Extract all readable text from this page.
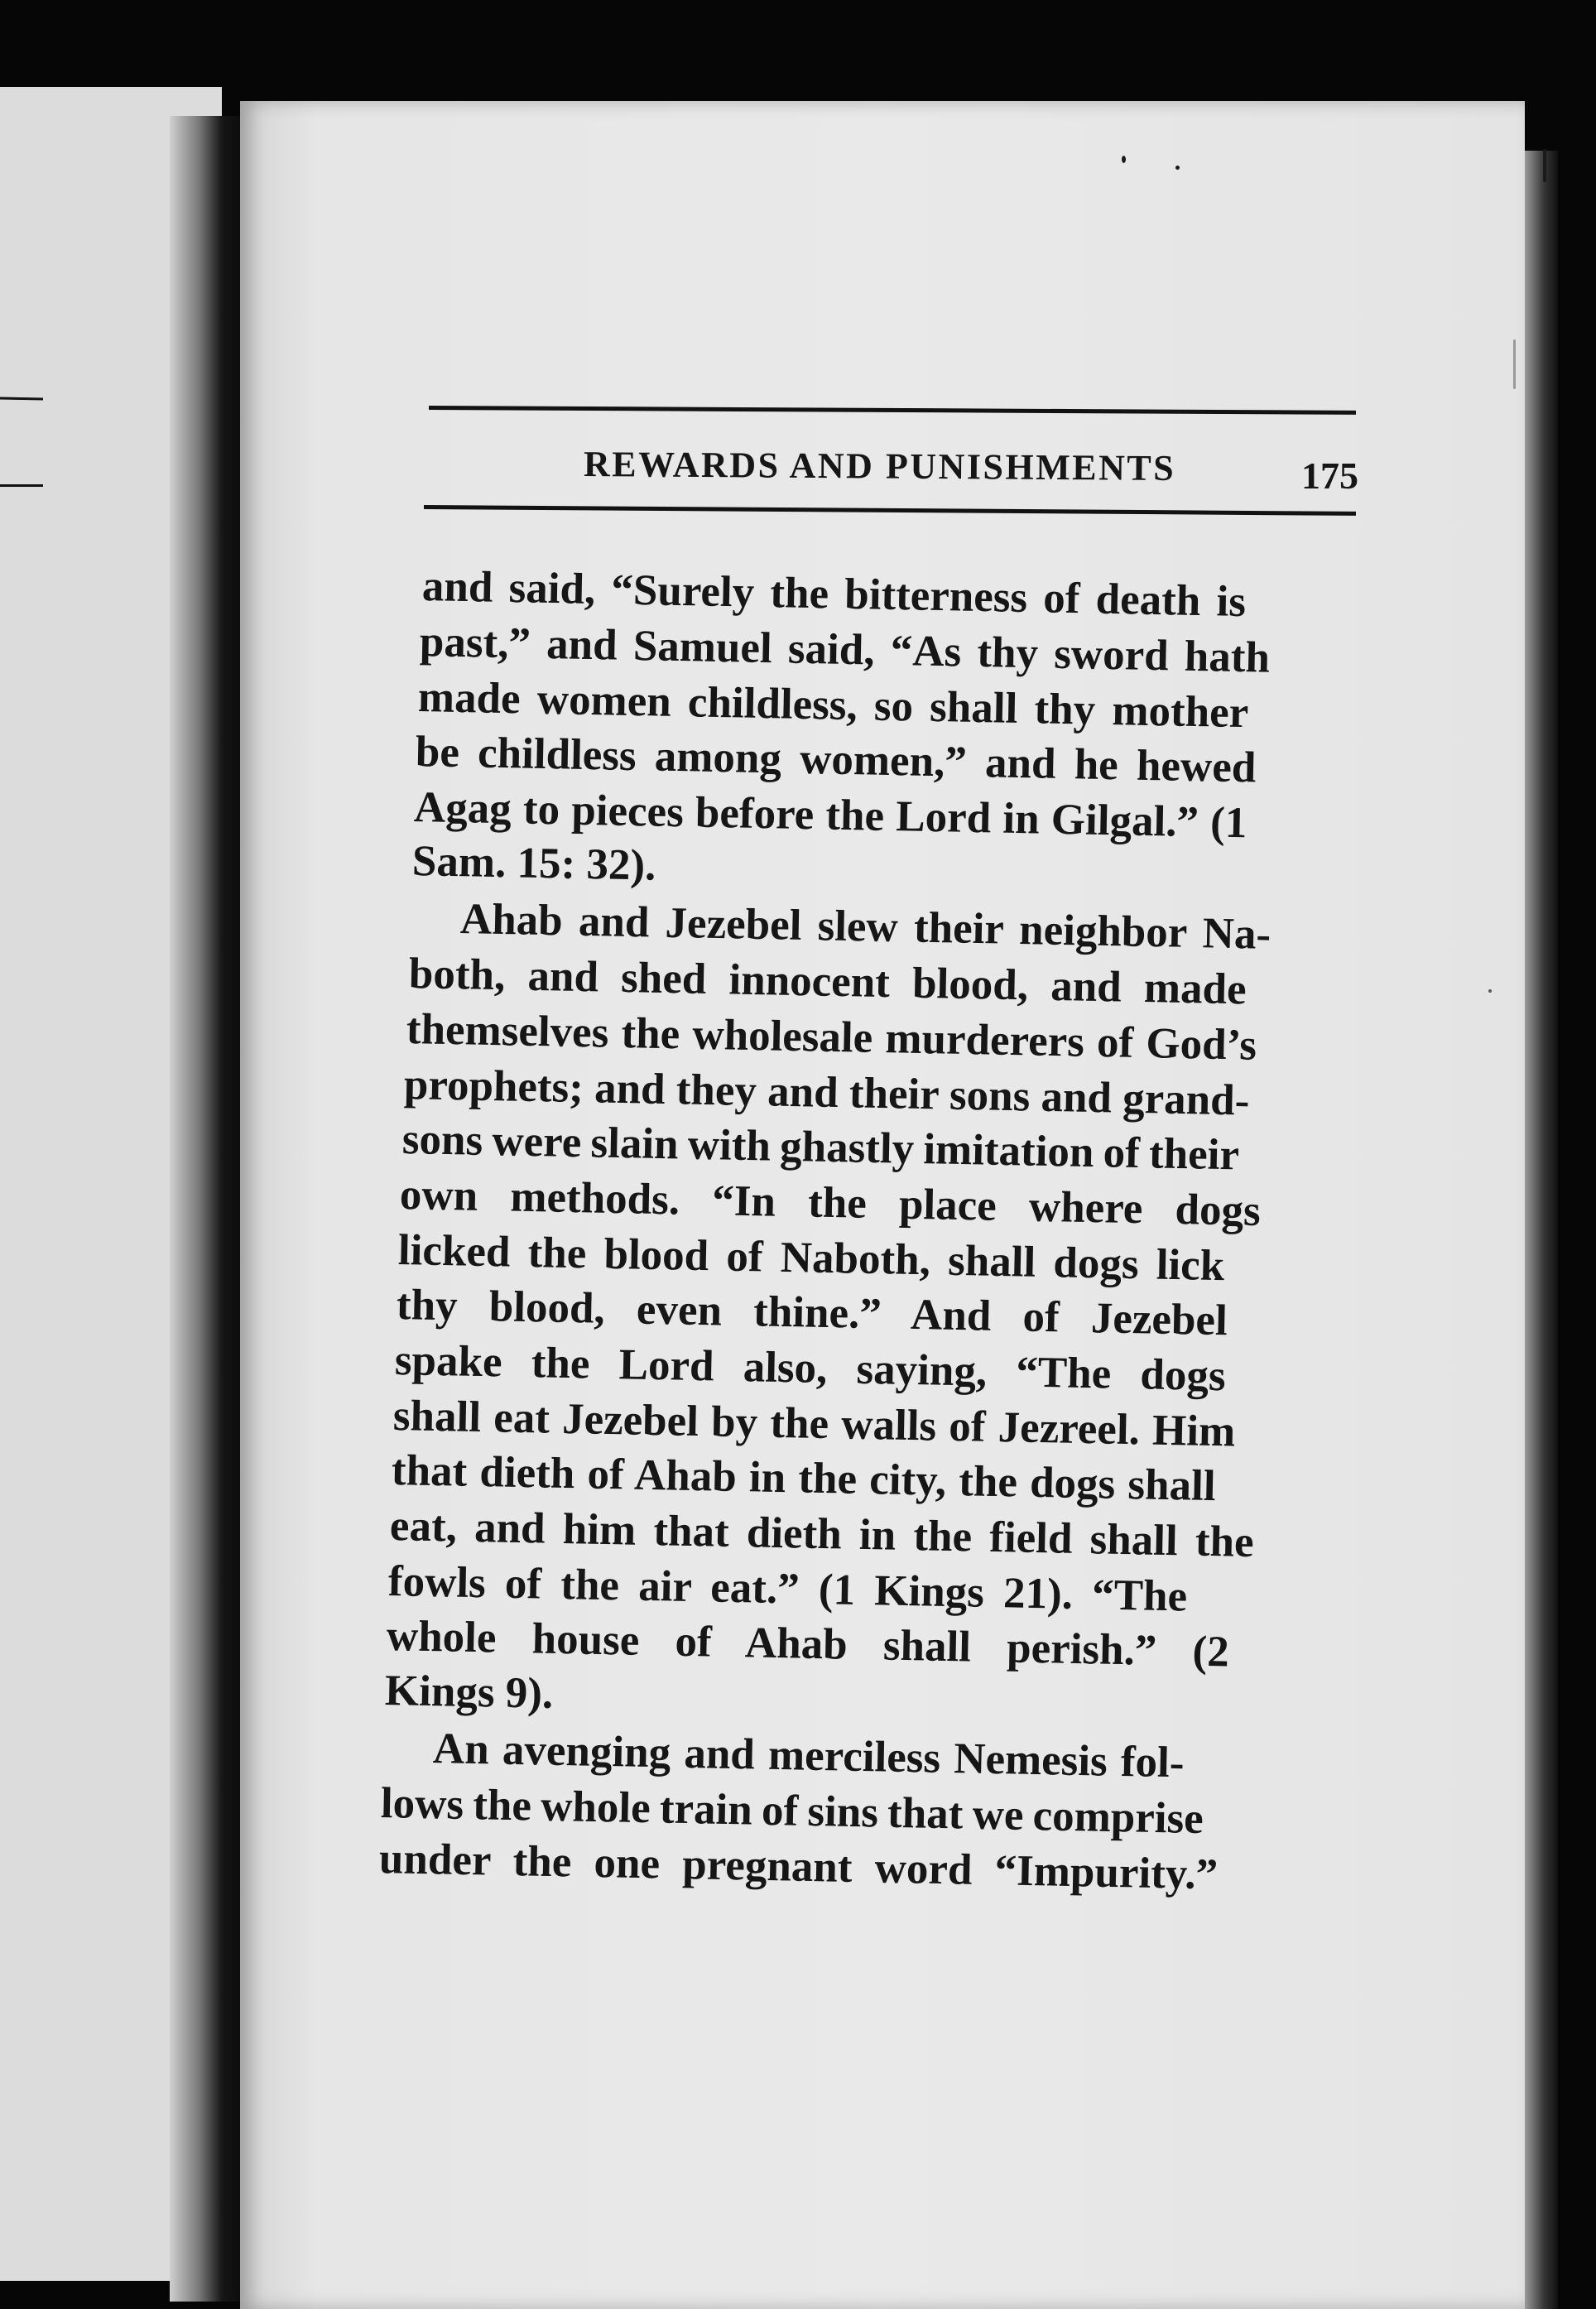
REWARDS AND PUNISHMENTS	175
and said, “Surely the bitterness of death is
past,” and Samuel said, “As thy sword hath
made women childless, so shall thy mother
be childless among women,” and he hewed
Agag to pieces before the Lord in Gilgal.” (1
Sam. 15: 32).
Ahab and Jezebel slew their neighbor Na-
both, and shed innocent blood, and made
themselves the wholesale murderers of God’s
prophets; and they and their sons and grand-
sons were slain with ghastly imitation of their
own methods. “In the place where dogs
licked the blood of Naboth, shall dogs lick
thy blood, even thine.” And of Jezebel
spake the Lord also, saying, “The dogs
shall eat Jezebel by the walls of Jezreel. Him
that dieth of Ahab in the city, the dogs shall
eat, and him that dieth in the field shall the
fowls of the air eat.” (1 Kings 21). “The
whole house of Ahab shall perish.” (2
Kings 9).
An avenging and merciless Nemesis fol-
lows the whole train of sins that we comprise
under the one pregnant word “Impurity.”
